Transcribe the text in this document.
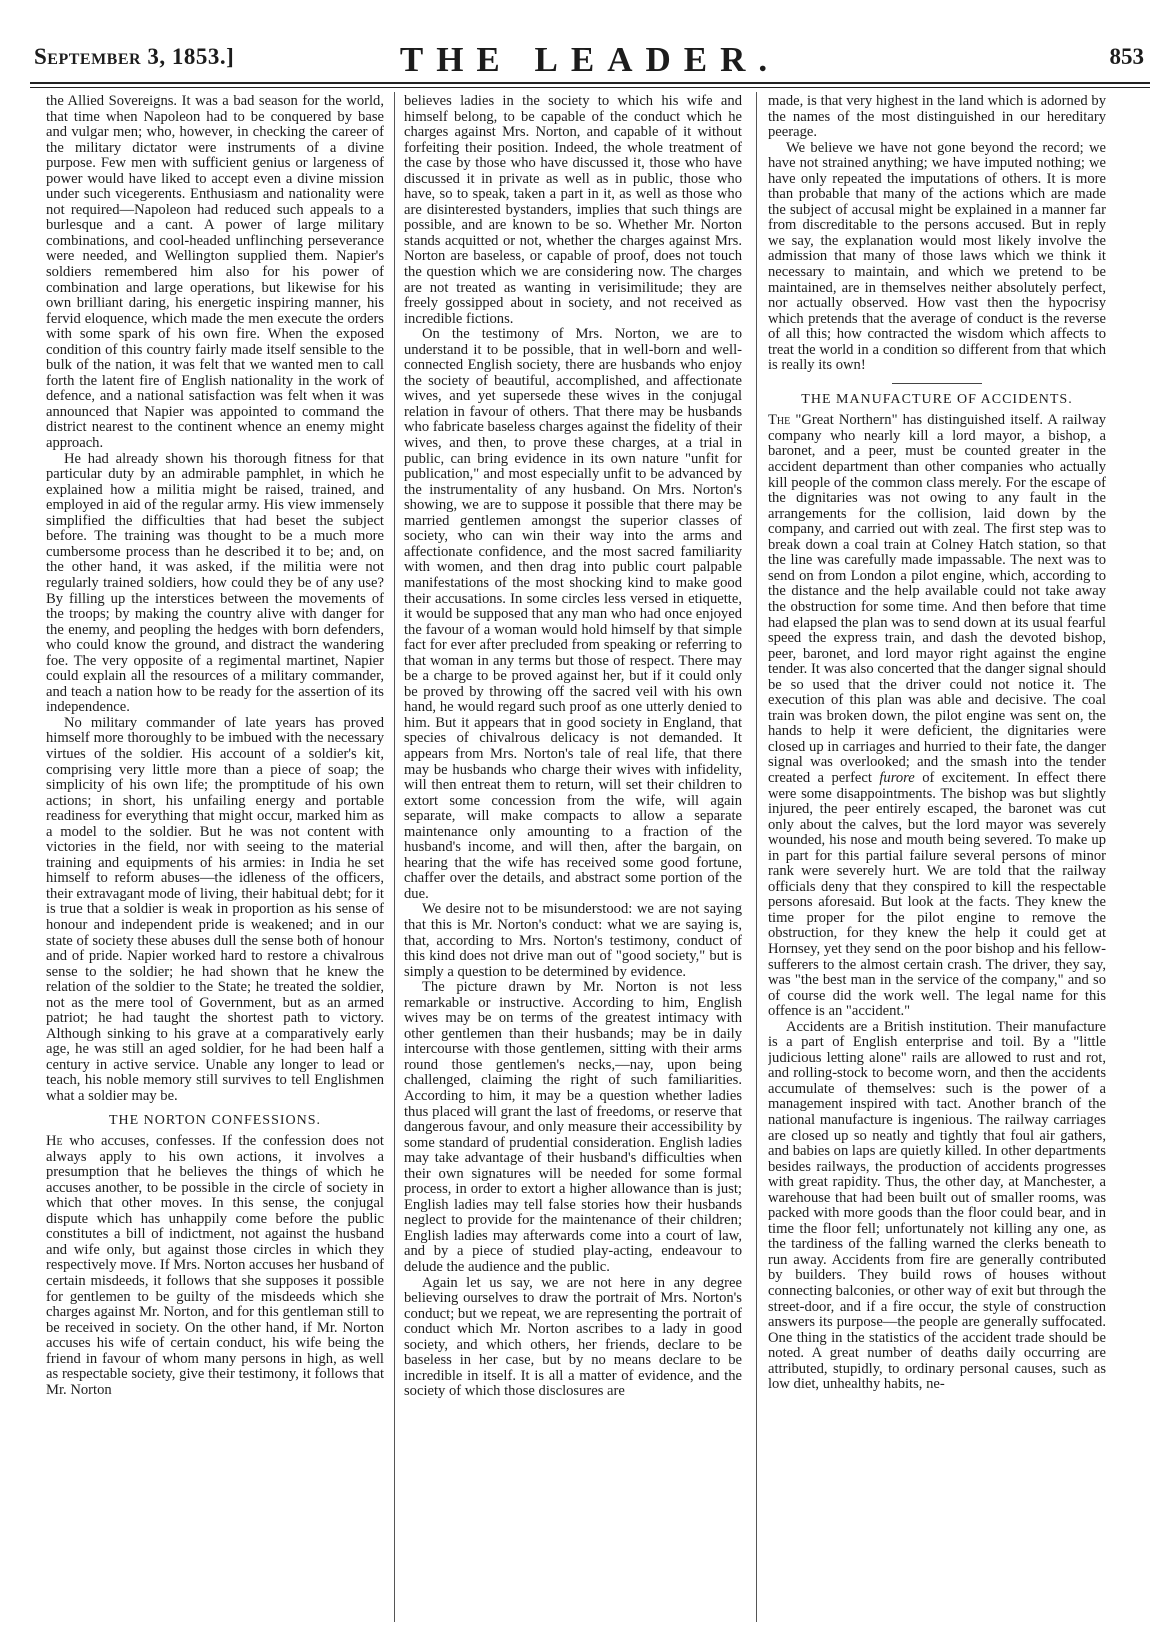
September 3, 1853.]	THE LEADER.	853

the Allied Sovereigns. It was a bad season for the world, that time when Napoleon had to be conquered by base and vulgar men; who, however, in checking the career of the military dictator were instruments of a divine purpose. Few men with sufficient genius or largeness of power would have liked to accept even a divine mission under such vicegerents. Enthusiasm and nationality were not required—Napoleon had reduced such appeals to a burlesque and a cant. A power of large military combinations, and cool-headed unflinching perseverance were needed, and Wellington supplied them. Napier's soldiers remembered him also for his power of combination and large operations, but likewise for his own brilliant daring, his energetic inspiring manner, his fervid eloquence, which made the men execute the orders with some spark of his own fire. When the exposed condition of this country fairly made itself sensible to the bulk of the nation, it was felt that we wanted men to call forth the latent fire of English nationality in the work of defence, and a national satisfaction was felt when it was announced that Napier was appointed to command the district nearest to the continent whence an enemy might approach.

He had already shown his thorough fitness for that particular duty by an admirable pamphlet, in which he explained how a militia might be raised, trained, and employed in aid of the regular army. His view immensely simplified the difficulties that had beset the subject before. The training was thought to be a much more cumbersome process than he described it to be; and, on the other hand, it was asked, if the militia were not regularly trained soldiers, how could they be of any use? By filling up the interstices between the movements of the troops; by making the country alive with danger for the enemy, and peopling the hedges with born defenders, who could know the ground, and distract the wandering foe. The very opposite of a regimental martinet, Napier could explain all the resources of a military commander, and teach a nation how to be ready for the assertion of its independence.

No military commander of late years has proved himself more thoroughly to be imbued with the necessary virtues of the soldier. His account of a soldier's kit, comprising very little more than a piece of soap; the simplicity of his own life; the promptitude of his own actions; in short, his unfailing energy and portable readiness for everything that might occur, marked him as a model to the soldier. But he was not content with victories in the field, nor with seeing to the material training and equipments of his armies: in India he set himself to reform abuses—the idleness of the officers, their extravagant mode of living, their habitual debt; for it is true that a soldier is weak in proportion as his sense of honour and independent pride is weakened; and in our state of society these abuses dull the sense both of honour and of pride. Napier worked hard to restore a chivalrous sense to the soldier; he had shown that he knew the relation of the soldier to the State; he treated the soldier, not as the mere tool of Government, but as an armed patriot; he had taught the shortest path to victory. Although sinking to his grave at a comparatively early age, he was still an aged soldier, for he had been half a century in active service. Unable any longer to lead or teach, his noble memory still survives to tell Englishmen what a soldier may be.

THE NORTON CONFESSIONS.

He who accuses, confesses. If the confession does not always apply to his own actions, it involves a presumption that he believes the things of which he accuses another, to be possible in the circle of society in which that other moves. In this sense, the conjugal dispute which has unhappily come before the public constitutes a bill of indictment, not against the husband and wife only, but against those circles in which they respectively move. If Mrs. Norton accuses her husband of certain misdeeds, it follows that she supposes it possible for gentlemen to be guilty of the misdeeds which she charges against Mr. Norton, and for this gentleman still to be received in society. On the other hand, if Mr. Norton accuses his wife of certain conduct, his wife being the friend in favour of whom many persons in high, as well as respectable society, give their testimony, it follows that Mr. Norton

believes ladies in the society to which his wife and himself belong, to be capable of the conduct which he charges against Mrs. Norton, and capable of it without forfeiting their position. Indeed, the whole treatment of the case by those who have discussed it, those who have discussed it in private as well as in public, those who have, so to speak, taken a part in it, as well as those who are disinterested bystanders, implies that such things are possible, and are known to be so. Whether Mr. Norton stands acquitted or not, whether the charges against Mrs. Norton are baseless, or capable of proof, does not touch the question which we are considering now. The charges are not treated as wanting in verisimilitude; they are freely gossipped about in society, and not received as incredible fictions.

On the testimony of Mrs. Norton, we are to understand it to be possible, that in well-born and well-connected English society, there are husbands who enjoy the society of beautiful, accomplished, and affectionate wives, and yet supersede these wives in the conjugal relation in favour of others. That there may be husbands who fabricate baseless charges against the fidelity of their wives, and then, to prove these charges, at a trial in public, can bring evidence in its own nature "unfit for publication," and most especially unfit to be advanced by the instrumentality of any husband. On Mrs. Norton's showing, we are to suppose it possible that there may be married gentlemen amongst the superior classes of society, who can win their way into the arms and affectionate confidence, and the most sacred familiarity with women, and then drag into public court palpable manifestations of the most shocking kind to make good their accusations. In some circles less versed in etiquette, it would be supposed that any man who had once enjoyed the favour of a woman would hold himself by that simple fact for ever after precluded from speaking or referring to that woman in any terms but those of respect. There may be a charge to be proved against her, but if it could only be proved by throwing off the sacred veil with his own hand, he would regard such proof as one utterly denied to him. But it appears that in good society in England, that species of chivalrous delicacy is not demanded. It appears from Mrs. Norton's tale of real life, that there may be husbands who charge their wives with infidelity, will then entreat them to return, will set their children to extort some concession from the wife, will again separate, will make compacts to allow a separate maintenance only amounting to a fraction of the husband's income, and will then, after the bargain, on hearing that the wife has received some good fortune, chaffer over the details, and abstract some portion of the due.

We desire not to be misunderstood: we are not saying that this is Mr. Norton's conduct: what we are saying is, that, according to Mrs. Norton's testimony, conduct of this kind does not drive man out of "good society," but is simply a question to be determined by evidence.

The picture drawn by Mr. Norton is not less remarkable or instructive. According to him, English wives may be on terms of the greatest intimacy with other gentlemen than their husbands; may be in daily intercourse with those gentlemen, sitting with their arms round those gentlemen's necks,—nay, upon being challenged, claiming the right of such familiarities. According to him, it may be a question whether ladies thus placed will grant the last of freedoms, or reserve that dangerous favour, and only measure their accessibility by some standard of prudential consideration. English ladies may take advantage of their husband's difficulties when their own signatures will be needed for some formal process, in order to extort a higher allowance than is just; English ladies may tell false stories how their husbands neglect to provide for the maintenance of their children; English ladies may afterwards come into a court of law, and by a piece of studied play-acting, endeavour to delude the audience and the public.

Again let us say, we are not here in any degree believing ourselves to draw the portrait of Mrs. Norton's conduct; but we repeat, we are representing the portrait of conduct which Mr. Norton ascribes to a lady in good society, and which others, her friends, declare to be baseless in her case, but by no means declare to be incredible in itself. It is all a matter of evidence, and the society of which those disclosures are

made, is that very highest in the land which is adorned by the names of the most distinguished in our hereditary peerage.

We believe we have not gone beyond the record; we have not strained anything; we have imputed nothing; we have only repeated the imputations of others. It is more than probable that many of the actions which are made the subject of accusal might be explained in a manner far from discreditable to the persons accused. But in reply we say, the explanation would most likely involve the admission that many of those laws which we think it necessary to maintain, and which we pretend to be maintained, are in themselves neither absolutely perfect, nor actually observed. How vast then the hypocrisy which pretends that the average of conduct is the reverse of all this; how contracted the wisdom which affects to treat the world in a condition so different from that which is really its own!

THE MANUFACTURE OF ACCIDENTS.

The "Great Northern" has distinguished itself. A railway company who nearly kill a lord mayor, a bishop, a baronet, and a peer, must be counted greater in the accident department than other companies who actually kill people of the common class merely. For the escape of the dignitaries was not owing to any fault in the arrangements for the collision, laid down by the company, and carried out with zeal. The first step was to break down a coal train at Colney Hatch station, so that the line was carefully made impassable. The next was to send on from London a pilot engine, which, according to the distance and the help available could not take away the obstruction for some time. And then before that time had elapsed the plan was to send down at its usual fearful speed the express train, and dash the devoted bishop, peer, baronet, and lord mayor right against the engine tender. It was also concerted that the danger signal should be so used that the driver could not notice it. The execution of this plan was able and decisive. The coal train was broken down, the pilot engine was sent on, the hands to help it were deficient, the dignitaries were closed up in carriages and hurried to their fate, the danger signal was overlooked; and the smash into the tender created a perfect furore of excitement. In effect there were some disappointments. The bishop was but slightly injured, the peer entirely escaped, the baronet was cut only about the calves, but the lord mayor was severely wounded, his nose and mouth being severed. To make up in part for this partial failure several persons of minor rank were severely hurt. We are told that the railway officials deny that they conspired to kill the respectable persons aforesaid. But look at the facts. They knew the time proper for the pilot engine to remove the obstruction, for they knew the help it could get at Hornsey, yet they send on the poor bishop and his fellow-sufferers to the almost certain crash. The driver, they say, was "the best man in the service of the company," and so of course did the work well. The legal name for this offence is an "accident."

Accidents are a British institution. Their manufacture is a part of English enterprise and toil. By a "little judicious letting alone" rails are allowed to rust and rot, and rolling-stock to become worn, and then the accidents accumulate of themselves: such is the power of a management inspired with tact. Another branch of the national manufacture is ingenious. The railway carriages are closed up so neatly and tightly that foul air gathers, and babies on laps are quietly killed. In other departments besides railways, the production of accidents progresses with great rapidity. Thus, the other day, at Manchester, a warehouse that had been built out of smaller rooms, was packed with more goods than the floor could bear, and in time the floor fell; unfortunately not killing any one, as the tardiness of the falling warned the clerks beneath to run away. Accidents from fire are generally contributed by builders. They build rows of houses without connecting balconies, or other way of exit but through the street-door, and if a fire occur, the style of construction answers its purpose—the people are generally suffocated. One thing in the statistics of the accident trade should be noted. A great number of deaths daily occurring are attributed, stupidly, to ordinary personal causes, such as low diet, unhealthy habits, ne-
